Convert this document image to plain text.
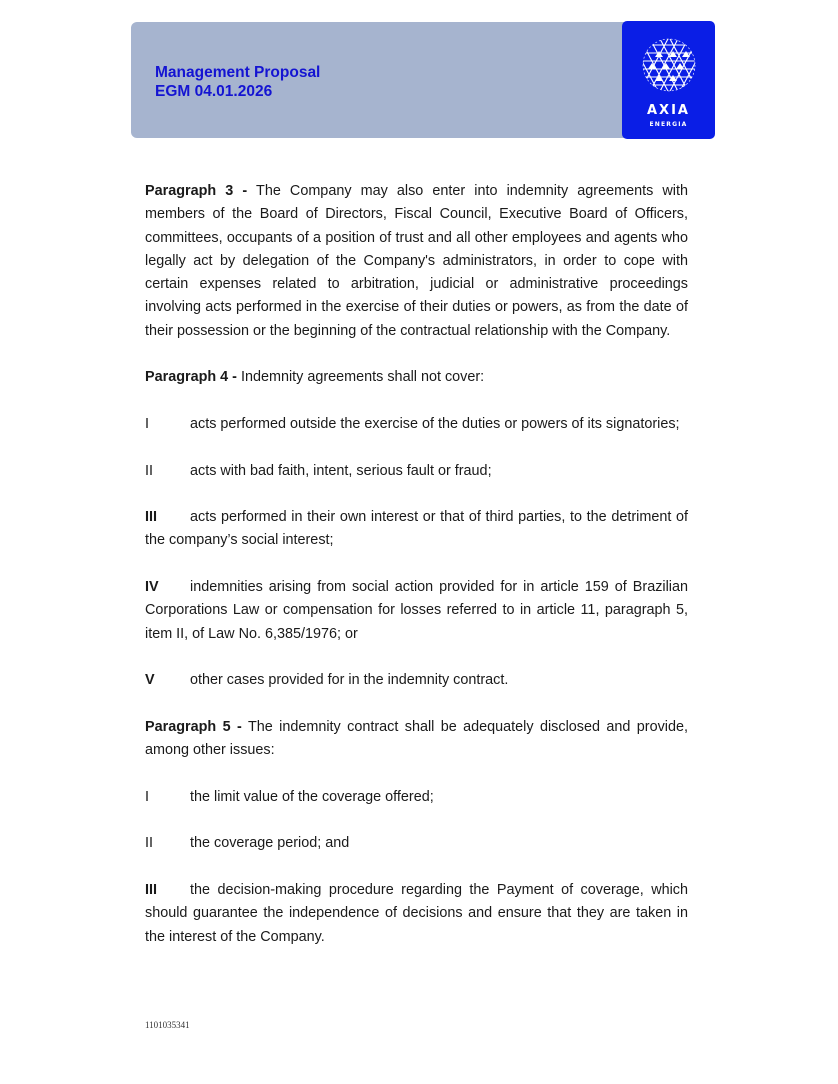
Management Proposal
EGM 04.01.2026
AXIA
ENERGIA

Paragraph 3 - The Company may also enter into indemnity agreements with members of the Board of Directors, Fiscal Council, Executive Board of Officers, committees, occupants of a position of trust and all other employees and agents who legally act by delegation of the Company's administrators, in order to cope with certain expenses related to arbitration, judicial or administrative proceedings involving acts performed in the exercise of their duties or powers, as from the date of their possession or the beginning of the contractual relationship with the Company.

Paragraph 4 - Indemnity agreements shall not cover:

I	acts performed outside the exercise of the duties or powers of its signatories;

II	acts with bad faith, intent, serious fault or fraud;

III acts performed in their own interest or that of third parties, to the detriment of the company’s social interest;

IV indemnities arising from social action provided for in article 159 of Brazilian Corporations Law or compensation for losses referred to in article 11, paragraph 5, item II, of Law No. 6,385/1976; or

V other cases provided for in the indemnity contract.

Paragraph 5 - The indemnity contract shall be adequately disclosed and provide, among other issues:

I	the limit value of the coverage offered;

II	the coverage period; and

III the decision-making procedure regarding the Payment of coverage, which should guarantee the independence of decisions and ensure that they are taken in the interest of the Company.

1101035341
